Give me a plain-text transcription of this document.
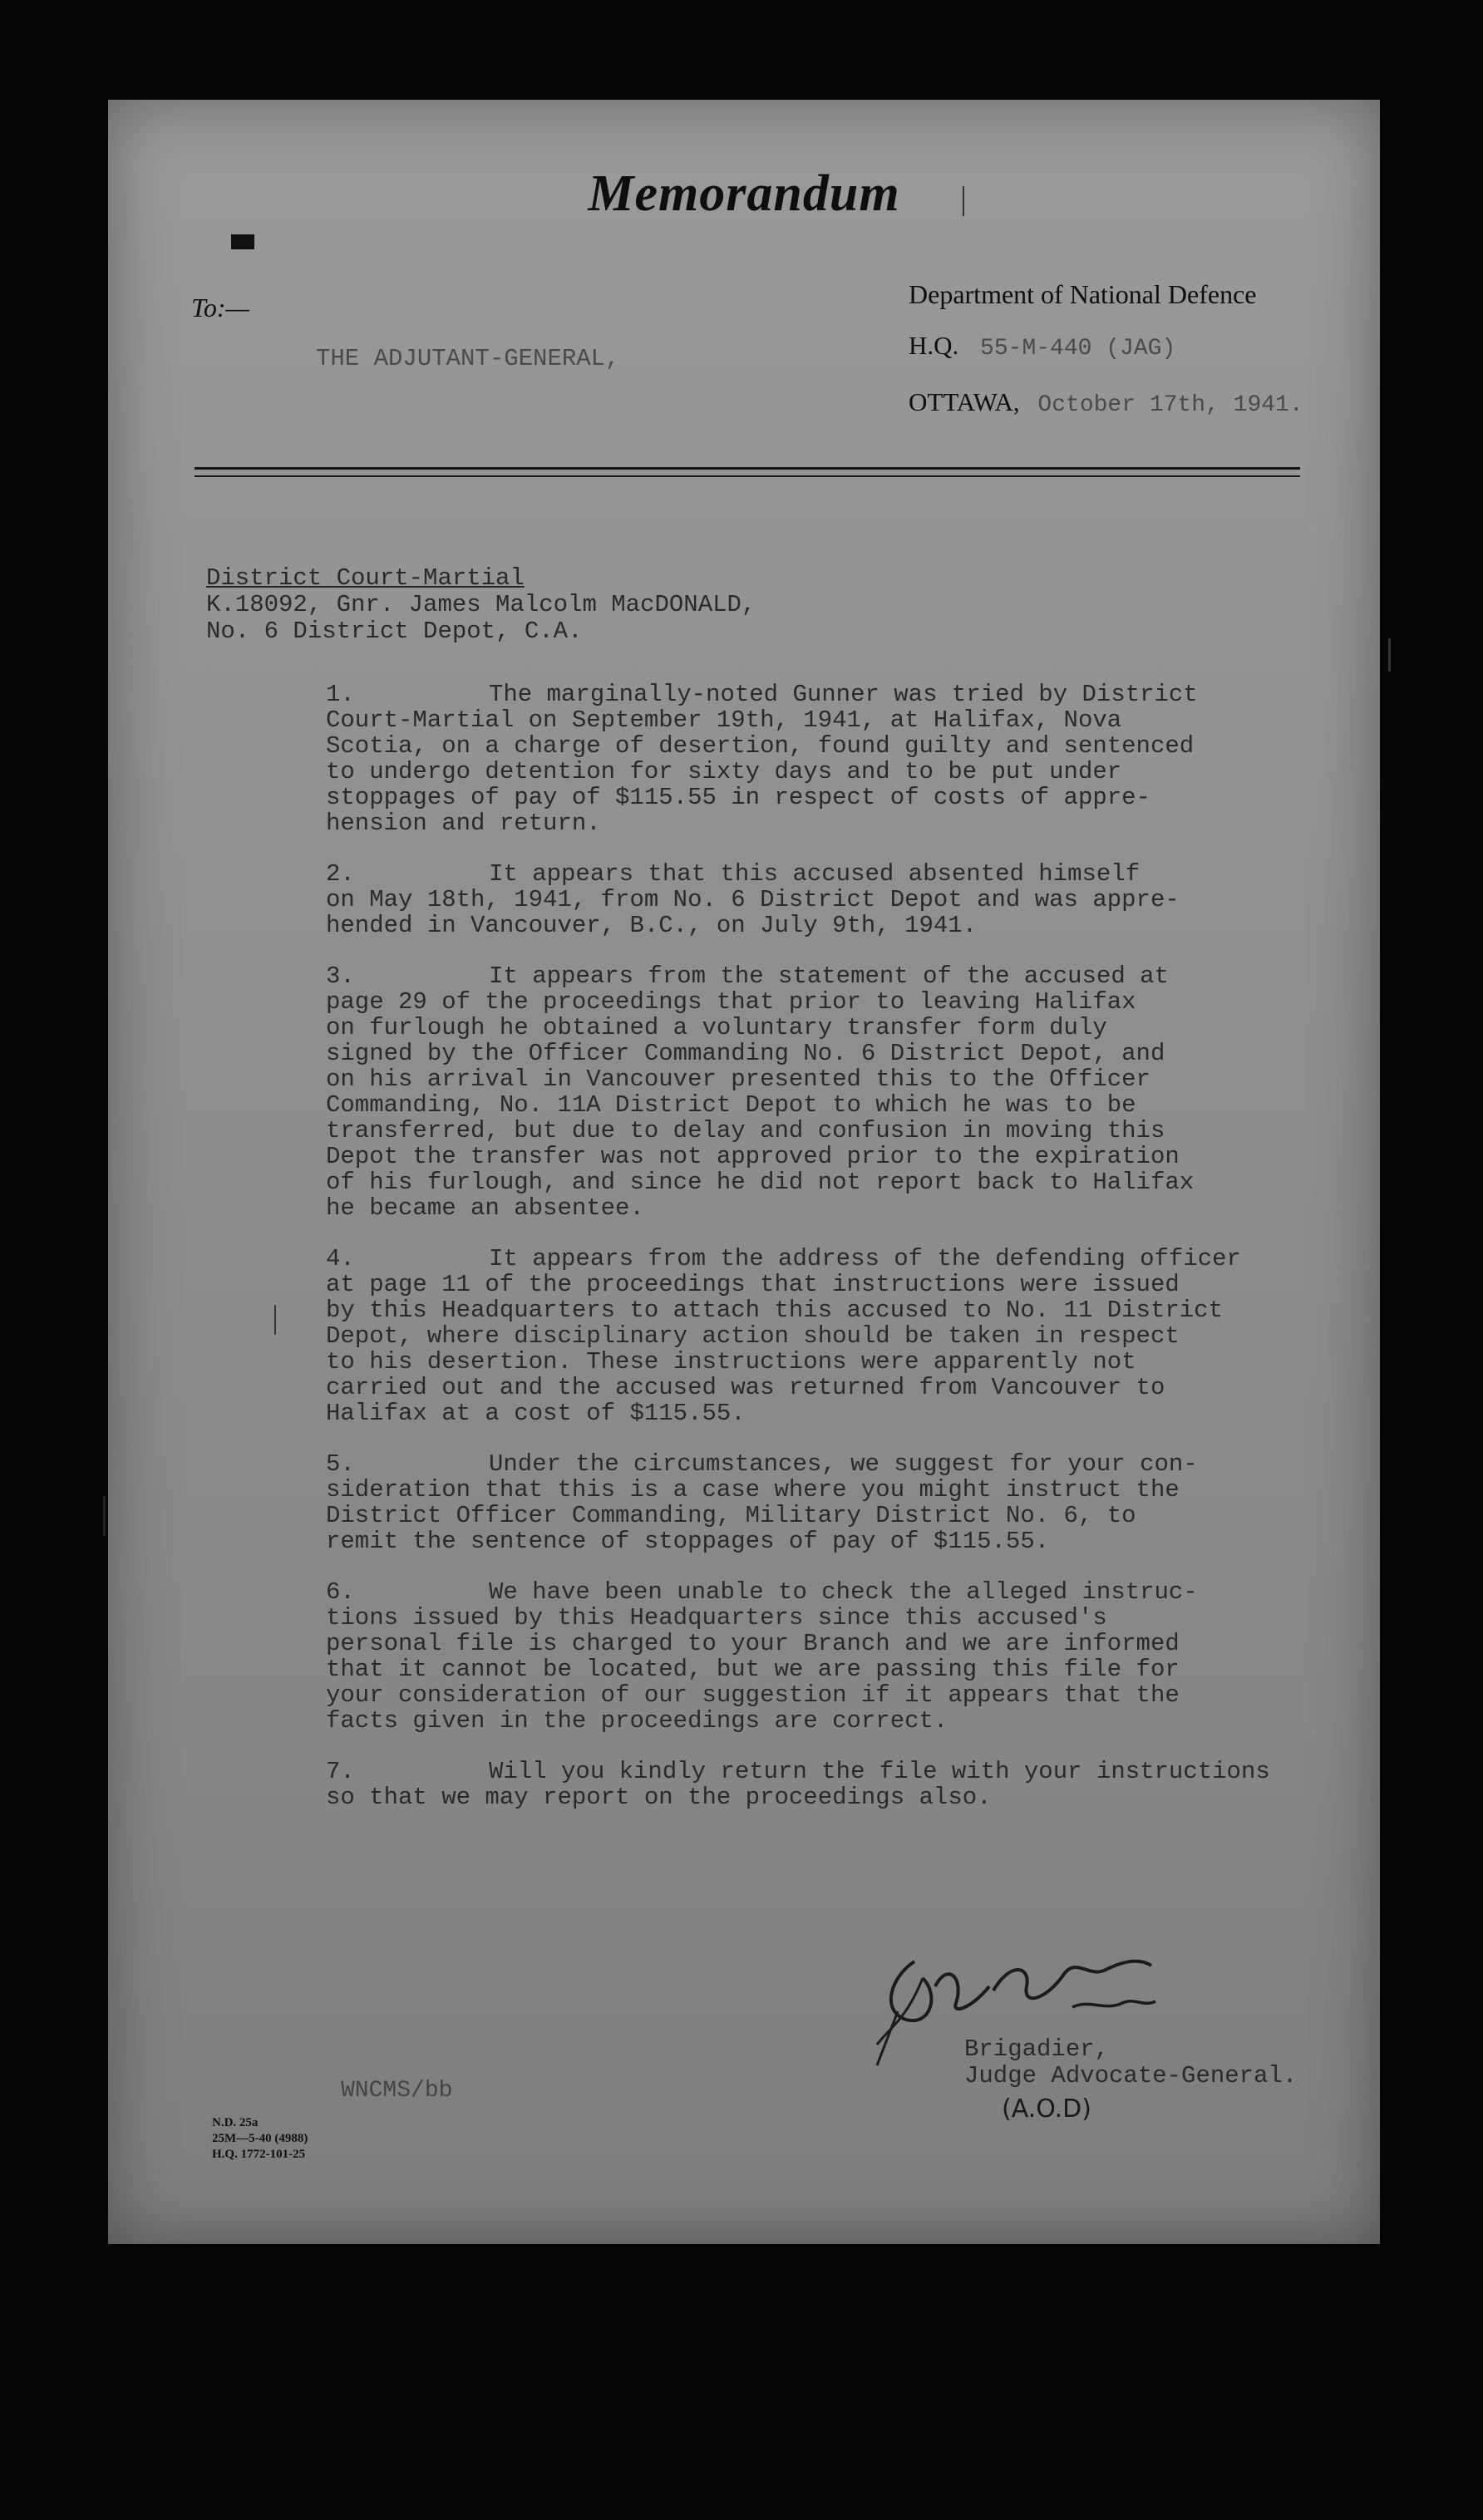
Memorandum
To:—
THE ADJUTANT-GENERAL,
Department of National Defence
H.Q. 55-M-440 (JAG)
OTTAWA, October 17th, 1941.
District Court-Martial
K.18092, Gnr. James Malcolm MacDONALD,
No. 6 District Depot, C.A.
1.	The marginally-noted Gunner was tried by District
Court-Martial on September 19th, 1941, at Halifax, Nova
Scotia, on a charge of desertion, found guilty and sentenced
to undergo detention for sixty days and to be put under
stoppages of pay of $115.55 in respect of costs of appre-
hension and return.
2.	It appears that this accused absented himself
on May 18th, 1941, from No. 6 District Depot and was appre-
hended in Vancouver, B.C., on July 9th, 1941.
3.	It appears from the statement of the accused at
page 29 of the proceedings that prior to leaving Halifax
on furlough he obtained a voluntary transfer form duly
signed by the Officer Commanding No. 6 District Depot, and
on his arrival in Vancouver presented this to the Officer
Commanding, No. 11A District Depot to which he was to be
transferred, but due to delay and confusion in moving this
Depot the transfer was not approved prior to the expiration
of his furlough, and since he did not report back to Halifax
he became an absentee.
4.	It appears from the address of the defending officer
at page 11 of the proceedings that instructions were issued
by this Headquarters to attach this accused to No. 11 District
Depot, where disciplinary action should be taken in respect
to his desertion. These instructions were apparently not
carried out and the accused was returned from Vancouver to
Halifax at a cost of $115.55.
5.	Under the circumstances, we suggest for your con-
sideration that this is a case where you might instruct the
District Officer Commanding, Military District No. 6, to
remit the sentence of stoppages of pay of $115.55.
6.	We have been unable to check the alleged instruc-
tions issued by this Headquarters since this accused's
personal file is charged to your Branch and we are informed
that it cannot be located, but we are passing this file for
your consideration of our suggestion if it appears that the
facts given in the proceedings are correct.
7.	Will you kindly return the file with your instructions
so that we may report on the proceedings also.
Brigadier,
Judge Advocate-General.
(A.O.D)
WNCMS/bb
N.D. 25a
25M—5-40 (4988)
H.Q. 1772-101-25
